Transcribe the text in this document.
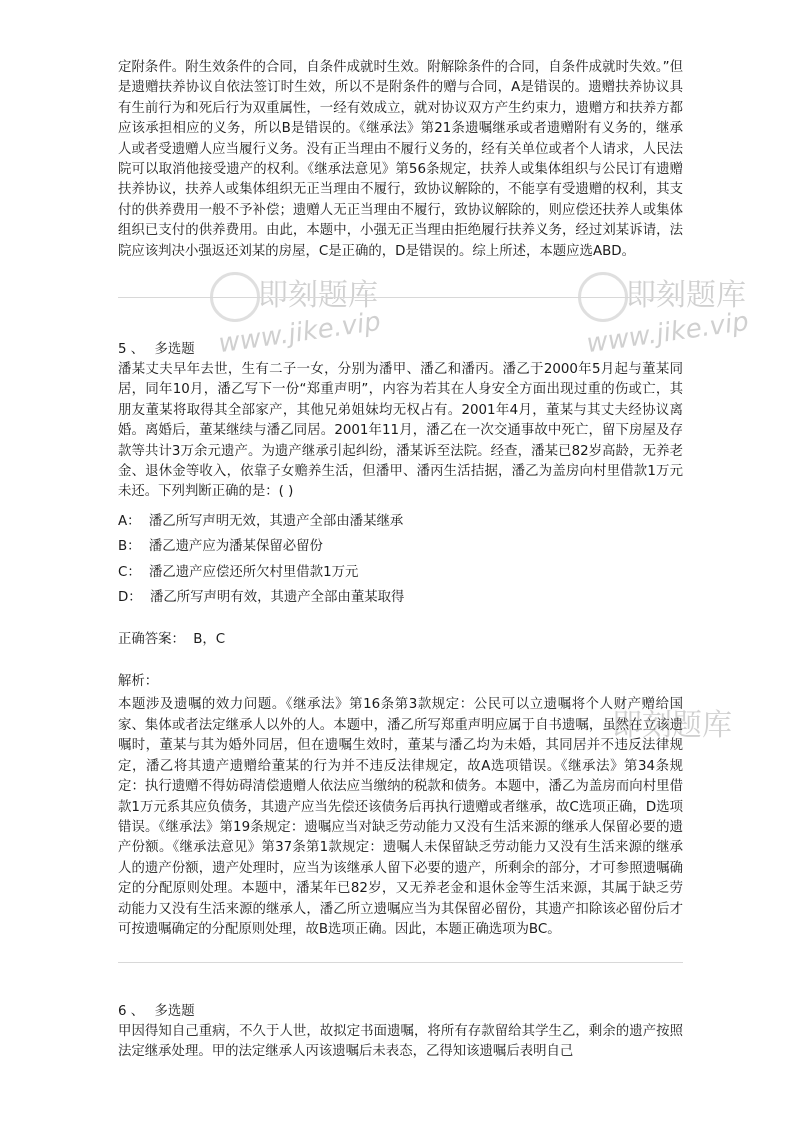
定附条件。附生效条件的合同，自条件成就时生效。附解除条件的合同，自条件成就时失效。”但是遗赠扶养协议自依法签订时生效，所以不是附条件的赠与合同，A是错误的。遗赠扶养协议具有生前行为和死后行为双重属性，一经有效成立，就对协议双方产生约束力，遗赠方和扶养方都应该承担相应的义务，所以B是错误的。《继承法》第21条遗嘱继承或者遗赠附有义务的，继承人或者受遗赠人应当履行义务。没有正当理由不履行义务的，经有关单位或者个人请求，人民法院可以取消他接受遗产的权利。《继承法意见》第56条规定，扶养人或集体组织与公民订有遗赠扶养协议，扶养人或集体组织无正当理由不履行，致协议解除的，不能享有受遗赠的权利，其支付的供养费用一般不予补偿；遗赠人无正当理由不履行，致协议解除的，则应偿还扶养人或集体组织已支付的供养费用。由此，本题中，小强无正当理由拒绝履行扶养义务，经过刘某诉请，法院应该判决小强返还刘某的房屋，C是正确的，D是错误的。综上所述，本题应选ABD。

即刻题库
www.jike.vip
即刻题库
www.jike.vip
5 、 多选题

潘某丈夫早年去世，生有二子一女，分别为潘甲、潘乙和潘丙。潘乙于2000年5月起与董某同居，同年10月，潘乙写下一份“郑重声明”，内容为若其在人身安全方面出现过重的伤或亡，其朋友董某将取得其全部家产，其他兄弟姐妹均无权占有。2001年4月，董某与其丈夫经协议离婚。离婚后，董某继续与潘乙同居。2001年11月，潘乙在一次交通事故中死亡，留下房屋及存款等共计3万余元遗产。为遗产继承引起纠纷，潘某诉至法院。经查，潘某已82岁高龄，无养老金、退休金等收入，依靠子女赡养生活，但潘甲、潘丙生活拮据，潘乙为盖房向村里借款1万元未还。下列判断正确的是：( )

A： 潘乙所写声明无效，其遗产全部由潘某继承

B： 潘乙遗产应为潘某保留必留份

C： 潘乙遗产应偿还所欠村里借款1万元

D： 潘乙所写声明有效，其遗产全部由董某取得

正确答案： B，C

解析：

本题涉及遗嘱的效力问题。《继承法》第16条第3款规定：公民可以立遗嘱将个人财产赠给国家、集体或者法定继承人以外的人。本题中，潘乙所写郑重声明应属于自书遗嘱，虽然在立该遗嘱时，董某与其为婚外同居，但在遗嘱生效时，董某与潘乙均为未婚，其同居并不违反法律规定，潘乙将其遗产遗赠给董某的行为并不违反法律规定，故A选项错误。《继承法》第34条规定：执行遗赠不得妨碍清偿遗赠人依法应当缴纳的税款和债务。本题中，潘乙为盖房而向村里借款1万元系其应负债务，其遗产应当先偿还该债务后再执行遗赠或者继承，故C选项正确，D选项错误。《继承法》第19条规定：遗嘱应当对缺乏劳动能力又没有生活来源的继承人保留必要的遗产份额。《继承法意见》第37条第1款规定：遗嘱人未保留缺乏劳动能力又没有生活来源的继承人的遗产份额，遗产处理时，应当为该继承人留下必要的遗产，所剩余的部分，才可参照遗嘱确定的分配原则处理。本题中，潘某年已82岁，又无养老金和退休金等生活来源，其属于缺乏劳动能力又没有生活来源的继承人，潘乙所立遗嘱应当为其保留必留份，其遗产扣除该必留份后才可按遗嘱确定的分配原则处理，故B选项正确。因此，本题正确选项为BC。

即刻题库
6 、 多选题

甲因得知自己重病，不久于人世，故拟定书面遗嘱，将所有存款留给其学生乙，剩余的遗产按照法定继承处理。甲的法定继承人丙该遗嘱后未表态，乙得知该遗嘱后表明自己
